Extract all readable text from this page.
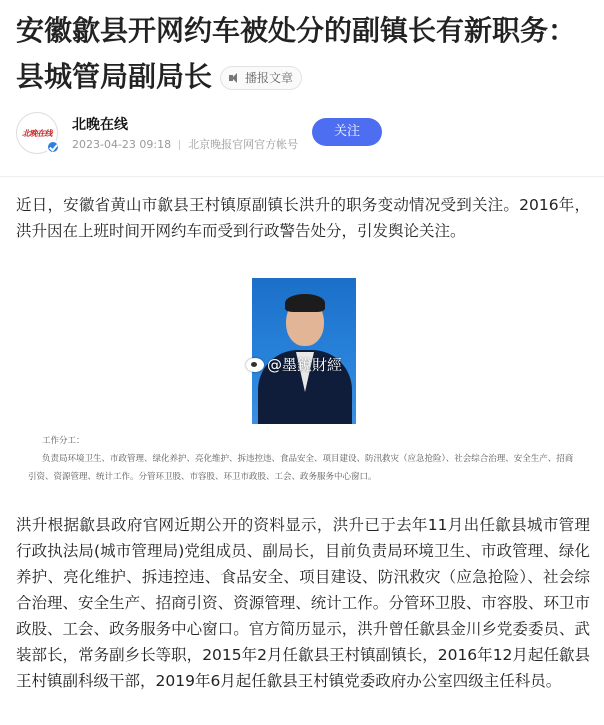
安徽歙县开网约车被处分的副镇长有新职务：县城管局副局长	播报文章
北晚在线 北晚在线
2023-04-23 09:18 北京晚报官网官方帐号
关注

近日，安徽省黄山市歙县王村镇原副镇长洪升的职务变动情况受到关注。2016年，洪升因在上班时间开网约车而受到行政警告处分，引发舆论关注。

@墨銳財經
工作分工：
负责局环境卫生、市政管理、绿化养护、亮化维护、拆违控违、食品安全、项目建设、防汛救灾（应急抢险）、社会综合治理、安全生产、招商引资、资源管理、统计工作。分管环卫股、市容股、环卫市政股、工会、政务服务中心窗口。

洪升根据歙县政府官网近期公开的资料显示，洪升已于去年11月出任歙县城市管理行政执法局(城市管理局)党组成员、副局长，目前负责局环境卫生、市政管理、绿化养护、亮化维护、拆违控违、食品安全、项目建设、防汛救灾（应急抢险）、社会综合治理、安全生产、招商引资、资源管理、统计工作。分管环卫股、市容股、环卫市政股、工会、政务服务中心窗口。官方简历显示，洪升曾任歙县金川乡党委委员、武装部长，常务副乡长等职，2015年2月任歙县王村镇副镇长，2016年12月起任歙县王村镇副科级干部，2019年6月起任歙县王村镇党委政府办公室四级主任科员。
